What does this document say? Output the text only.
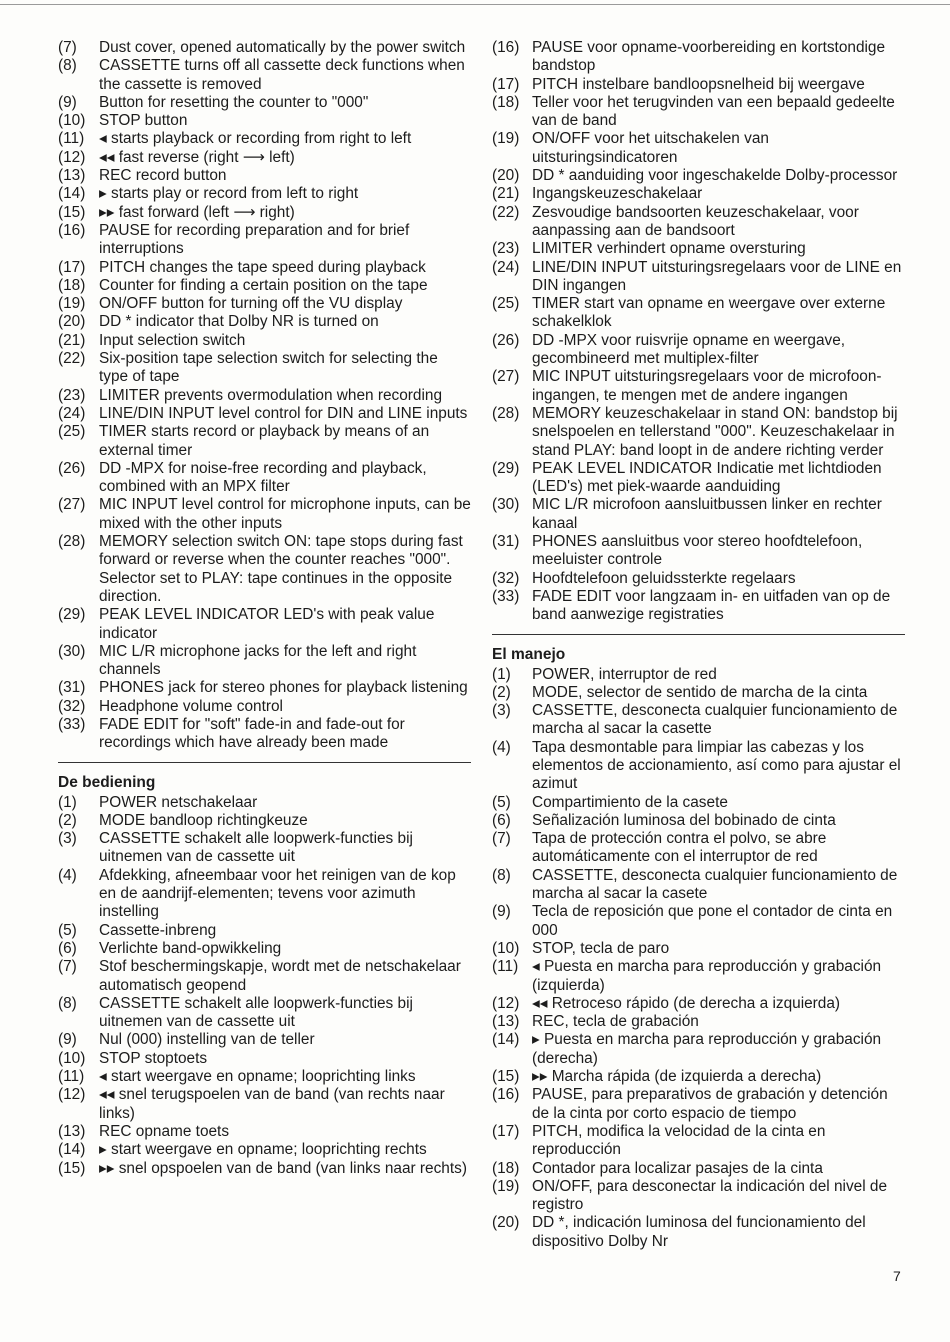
(7)	Dust cover, opened automatically by the power switch
(8)	CASSETTE turns off all cassette deck functions when the cassette is removed
(9)	Button for resetting the counter to "000"
(10) STOP button
(11) ◂ starts playback or recording from right to left
(12) ◂◂ fast reverse (right ⟶ left)
(13) REC record button
(14) ▸ starts play or record from left to right
(15) ▸▸ fast forward (left ⟶ right)
(16) PAUSE for recording preparation and for brief interruptions
(17) PITCH changes the tape speed during playback
(18) Counter for finding a certain position on the tape
(19) ON/OFF button for turning off the VU display
(20) DD * indicator that Dolby NR is turned on
(21) Input selection switch
(22) Six-position tape selection switch for selecting the type of tape
(23) LIMITER prevents overmodulation when recording
(24) LINE/DIN INPUT level control for DIN and LINE inputs
(25) TIMER starts record or playback by means of an external timer
(26) DD -MPX for noise-free recording and playback, combined with an MPX filter
(27) MIC INPUT level control for microphone inputs, can be mixed with the other inputs
(28) MEMORY selection switch ON: tape stops during fast forward or reverse when the counter reaches "000". Selector set to PLAY: tape continues in the opposite direction.
(29) PEAK LEVEL INDICATOR LED's with peak value indicator
(30) MIC L/R microphone jacks for the left and right channels
(31) PHONES jack for stereo phones for playback listening
(32) Headphone volume control
(33) FADE EDIT for "soft" fade-in and fade-out for recordings which have already been made
De bediening
(1)	POWER netschakelaar
(2)	MODE bandloop richtingkeuze
(3)	CASSETTE schakelt alle loopwerk-functies bij uitnemen van de cassette uit
(4)	Afdekking, afneembaar voor het reinigen van de kop en de aandrijf-elementen; tevens voor azimuth instelling
(5)	Cassette-inbreng
(6)	Verlichte band-opwikkeling
(7)	Stof beschermingskapje, wordt met de netschakelaar automatisch geopend
(8)	CASSETTE schakelt alle loopwerk-functies bij uitnemen van de cassette uit
(9)	Nul (000) instelling van de teller
(10) STOP stoptoets
(11) ◂ start weergave en opname; looprichting links
(12) ◂◂ snel terugspoelen van de band (van rechts naar links)
(13) REC opname toets
(14) ▸ start weergave en opname; looprichting rechts
(15) ▸▸ snel opspoelen van de band (van links naar rechts)
(16) PAUSE voor opname-voorbereiding en kortstondige bandstop
(17) PITCH instelbare bandloopsnelheid bij weergave
(18) Teller voor het terugvinden van een bepaald gedeelte van de band
(19) ON/OFF voor het uitschakelen van uitsturingsindicatoren
(20) DD * aanduiding voor ingeschakelde Dolby-processor
(21) Ingangskeuzeschakelaar
(22) Zesvoudige bandsoorten keuzeschakelaar, voor aanpassing aan de bandsoort
(23) LIMITER verhindert opname oversturing
(24) LINE/DIN INPUT uitsturingsregelaars voor de LINE en DIN ingangen
(25) TIMER start van opname en weergave over externe schakelklok
(26) DD -MPX voor ruisvrije opname en weergave, gecombineerd met multiplex-filter
(27) MIC INPUT uitsturingsregelaars voor de microfoon-ingangen, te mengen met de andere ingangen
(28) MEMORY keuzeschakelaar in stand ON: bandstop bij snelspoelen en tellerstand "000". Keuzeschakelaar in stand PLAY: band loopt in de andere richting verder
(29) PEAK LEVEL INDICATOR Indicatie met lichtdioden (LED's) met piek-waarde aanduiding
(30) MIC L/R microfoon aansluitbussen linker en rechter kanaal
(31) PHONES aansluitbus voor stereo hoofdtelefoon, meeluister controle
(32) Hoofdtelefoon geluidssterkte regelaars
(33) FADE EDIT voor langzaam in- en uitfaden van op de band aanwezige registraties
El manejo
(1)	POWER, interruptor de red
(2)	MODE, selector de sentido de marcha de la cinta
(3)	CASSETTE, desconecta cualquier funcionamiento de marcha al sacar la casette
(4)	Tapa desmontable para limpiar las cabezas y los elementos de accionamiento, así como para ajustar el azimut
(5)	Compartimiento de la casete
(6)	Señalización luminosa del bobinado de cinta
(7)	Tapa de protección contra el polvo, se abre automáticamente con el interruptor de red
(8)	CASSETTE, desconecta cualquier funcionamiento de marcha al sacar la casete
(9)	Tecla de reposición que pone el contador de cinta en 000
(10) STOP, tecla de paro
(11) ◂ Puesta en marcha para reproducción y grabación (izquierda)
(12) ◂◂ Retroceso rápido (de derecha a izquierda)
(13) REC, tecla de grabación
(14) ▸ Puesta en marcha para reproducción y grabación (derecha)
(15) ▸▸ Marcha rápida (de izquierda a derecha)
(16) PAUSE, para preparativos de grabación y detención de la cinta por corto espacio de tiempo
(17) PITCH, modifica la velocidad de la cinta en reproducción
(18) Contador para localizar pasajes de la cinta
(19) ON/OFF, para desconectar la indicación del nivel de registro
(20) DD *, indicación luminosa del funcionamiento del dispositivo Dolby Nr
7
